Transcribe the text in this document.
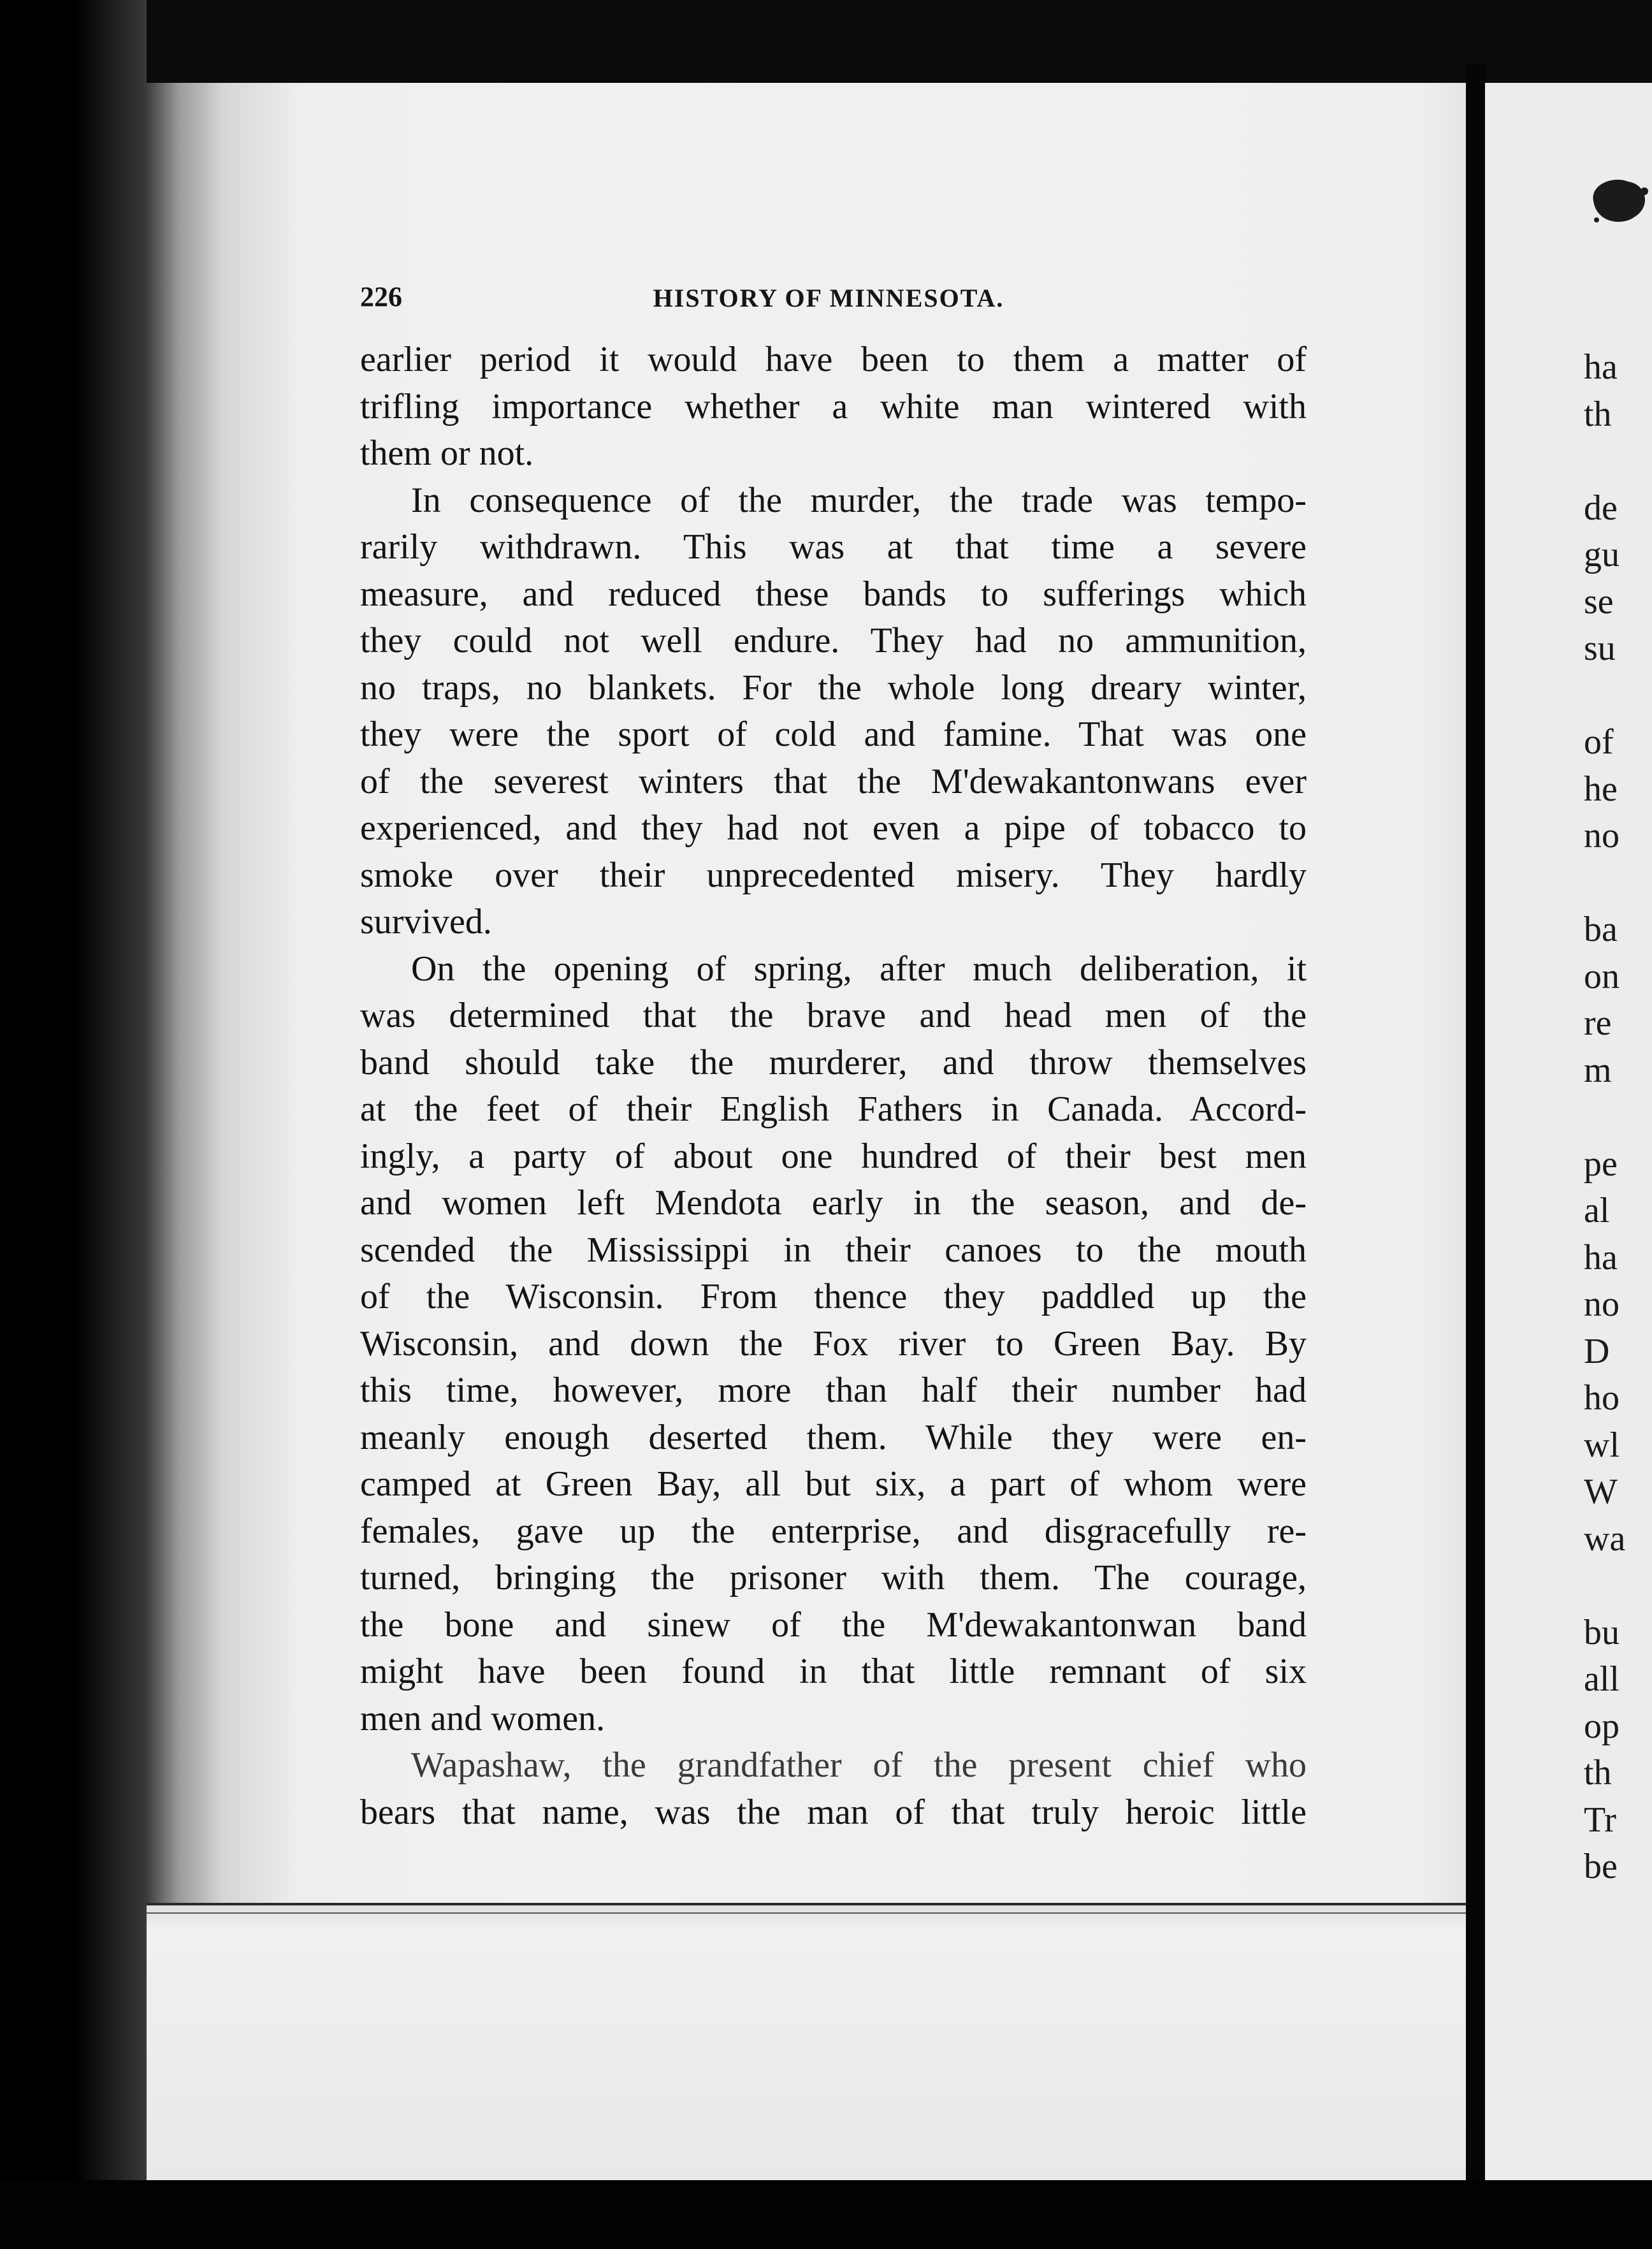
226	HISTORY OF MINNESOTA.
earlier period it would have been to them a matter of
trifling importance whether a white man wintered with
them or not.
In consequence of the murder, the trade was tempo-
rarily withdrawn. This was at that time a severe
measure, and reduced these bands to sufferings which
they could not well endure. They had no ammunition,
no traps, no blankets. For the whole long dreary winter,
they were the sport of cold and famine. That was one
of the severest winters that the M'dewakantonwans ever
experienced, and they had not even a pipe of tobacco to
smoke over their unprecedented misery. They hardly
survived.
On the opening of spring, after much deliberation, it
was determined that the brave and head men of the
band should take the murderer, and throw themselves
at the feet of their English Fathers in Canada. Accord-
ingly, a party of about one hundred of their best men
and women left Mendota early in the season, and de-
scended the Mississippi in their canoes to the mouth
of the Wisconsin. From thence they paddled up the
Wisconsin, and down the Fox river to Green Bay. By
this time, however, more than half their number had
meanly enough deserted them. While they were en-
camped at Green Bay, all but six, a part of whom were
females, gave up the enterprise, and disgracefully re-
turned, bringing the prisoner with them. The courage,
the bone and sinew of the M'dewakantonwan band
might have been found in that little remnant of six
men and women.
Wapashaw, the grandfather of the present chief who
bears that name, was the man of that truly heroic little
ha
th
de
gu
se
su
of
he
no
ba
on
re
m
pe
al
ha
no
D
ho
wl
W
wa
bu
all
op
th
Tr
be
